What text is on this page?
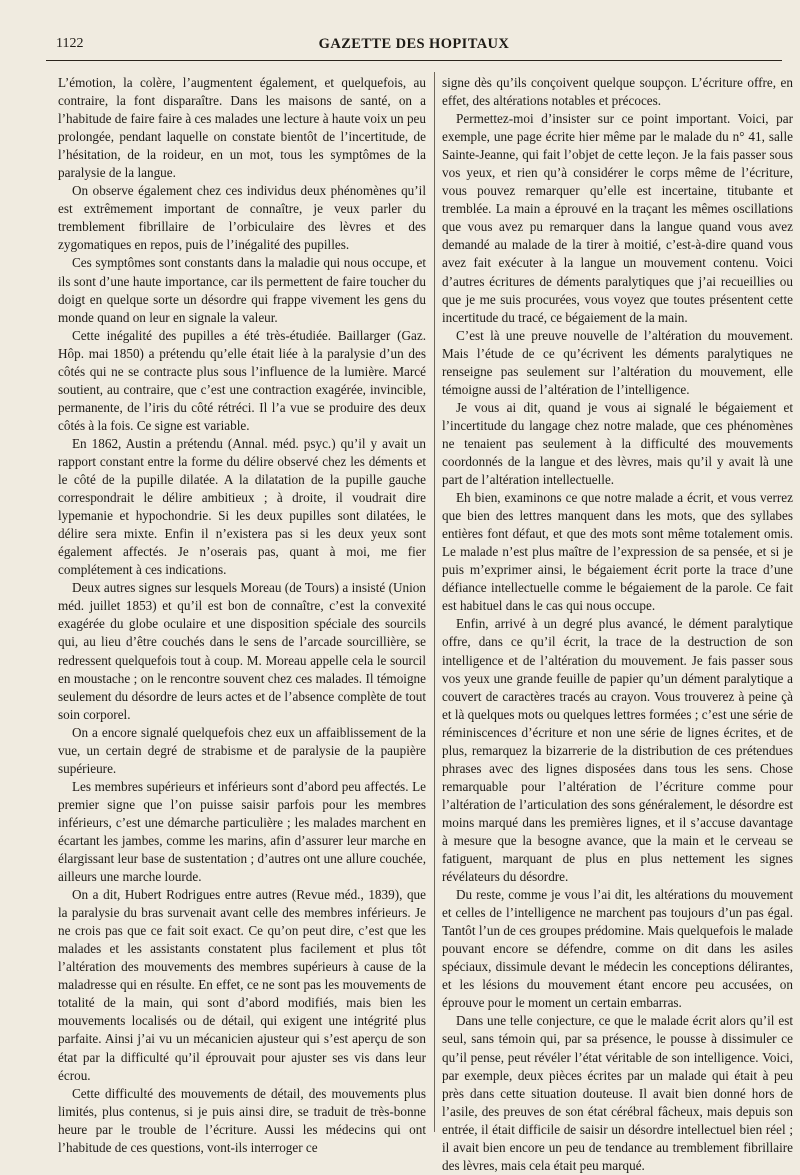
1122	GAZETTE DES HOPITAUX

L’émotion, la colère, l’augmentent également, et quelquefois, au contraire, la font disparaître. Dans les maisons de santé, on a l’habitude de faire faire à ces malades une lecture à haute voix un peu prolongée, pendant laquelle on constate bientôt de l’incertitude, de l’hésitation, de la roideur, en un mot, tous les symptômes de la paralysie de la langue.

On observe également chez ces individus deux phénomènes qu’il est extrêmement important de connaître, je veux parler du tremblement fibrillaire de l’orbiculaire des lèvres et des zygomatiques en repos, puis de l’inégalité des pupilles.

Ces symptômes sont constants dans la maladie qui nous occupe, et ils sont d’une haute importance, car ils permettent de faire toucher du doigt en quelque sorte un désordre qui frappe vivement les gens du monde quand on leur en signale la valeur.

Cette inégalité des pupilles a été très-étudiée. Baillarger (Gaz. Hôp. mai 1850) a prétendu qu’elle était liée à la paralysie d’un des côtés qui ne se contracte plus sous l’influence de la lumière. Marcé soutient, au contraire, que c’est une contraction exagérée, invincible, permanente, de l’iris du côté rétréci. Il l’a vue se produire des deux côtés à la fois. Ce signe est variable.

En 1862, Austin a prétendu (Annal. méd. psyc.) qu’il y avait un rapport constant entre la forme du délire observé chez les déments et le côté de la pupille dilatée. A la dilatation de la pupille gauche correspondrait le délire ambitieux ; à droite, il voudrait dire lypemanie et hypochondrie. Si les deux pupilles sont dilatées, le délire sera mixte. Enfin il n’existera pas si les deux yeux sont également affectés. Je n’oserais pas, quant à moi, me fier complétement à ces indications.

Deux autres signes sur lesquels Moreau (de Tours) a insisté (Union méd. juillet 1853) et qu’il est bon de connaître, c’est la convexité exagérée du globe oculaire et une disposition spéciale des sourcils qui, au lieu d’être couchés dans le sens de l’arcade sourcillière, se redressent quelquefois tout à coup. M. Moreau appelle cela le sourcil en moustache ; on le rencontre souvent chez ces malades. Il témoigne seulement du désordre de leurs actes et de l’absence complète de tout soin corporel.

On a encore signalé quelquefois chez eux un affaiblissement de la vue, un certain degré de strabisme et de paralysie de la paupière supérieure.

Les membres supérieurs et inférieurs sont d’abord peu affectés. Le premier signe que l’on puisse saisir parfois pour les membres inférieurs, c’est une démarche particulière ; les malades marchent en écartant les jambes, comme les marins, afin d’assurer leur marche en élargissant leur base de sustentation ; d’autres ont une allure couchée, ailleurs une marche lourde.

On a dit, Hubert Rodrigues entre autres (Revue méd., 1839), que la paralysie du bras survenait avant celle des membres inférieurs. Je ne crois pas que ce fait soit exact. Ce qu’on peut dire, c’est que les malades et les assistants constatent plus facilement et plus tôt l’altération des mouvements des membres supérieurs à cause de la maladresse qui en résulte. En effet, ce ne sont pas les mouvements de totalité de la main, qui sont d’abord modifiés, mais bien les mouvements localisés ou de détail, qui exigent une intégrité plus parfaite. Ainsi j’ai vu un mécanicien ajusteur qui s’est aperçu de son état par la difficulté qu’il éprouvait pour ajuster ses vis dans leur écrou.

Cette difficulté des mouvements de détail, des mouvements plus limités, plus contenus, si je puis ainsi dire, se traduit de très-bonne heure par le trouble de l’écriture. Aussi les médecins qui ont l’habitude de ces questions, vont-ils interroger ce

signe dès qu’ils conçoivent quelque soupçon. L’écriture offre, en effet, des altérations notables et précoces.

Permettez-moi d’insister sur ce point important. Voici, par exemple, une page écrite hier même par le malade du n° 41, salle Sainte-Jeanne, qui fait l’objet de cette leçon. Je la fais passer sous vos yeux, et rien qu’à considérer le corps même de l’écriture, vous pouvez remarquer qu’elle est incertaine, titubante et tremblée. La main a éprouvé en la traçant les mêmes oscillations que vous avez pu remarquer dans la langue quand vous avez demandé au malade de la tirer à moitié, c’est-à-dire quand vous avez fait exécuter à la langue un mouvement contenu. Voici d’autres écritures de déments paralytiques que j’ai recueillies ou que je me suis procurées, vous voyez que toutes présentent cette incertitude du tracé, ce bégaiement de la main.

C’est là une preuve nouvelle de l’altération du mouvement. Mais l’étude de ce qu’écrivent les déments paralytiques ne renseigne pas seulement sur l’altération du mouvement, elle témoigne aussi de l’altération de l’intelligence.

Je vous ai dit, quand je vous ai signalé le bégaiement et l’incertitude du langage chez notre malade, que ces phénomènes ne tenaient pas seulement à la difficulté des mouvements coordonnés de la langue et des lèvres, mais qu’il y avait là une part de l’altération intellectuelle.

Eh bien, examinons ce que notre malade a écrit, et vous verrez que bien des lettres manquent dans les mots, que des syllabes entières font défaut, et que des mots sont même totalement omis. Le malade n’est plus maître de l’expression de sa pensée, et si je puis m’exprimer ainsi, le bégaiement écrit porte la trace d’une défiance intellectuelle comme le bégaiement de la parole. Ce fait est habituel dans le cas qui nous occupe.

Enfin, arrivé à un degré plus avancé, le dément paralytique offre, dans ce qu’il écrit, la trace de la destruction de son intelligence et de l’altération du mouvement. Je fais passer sous vos yeux une grande feuille de papier qu’un dément paralytique a couvert de caractères tracés au crayon. Vous trouverez à peine çà et là quelques mots ou quelques lettres formées ; c’est une série de réminiscences d’écriture et non une série de lignes écrites, et de plus, remarquez la bizarrerie de la distribution de ces prétendues phrases avec des lignes disposées dans tous les sens. Chose remarquable pour l’altération de l’écriture comme pour l’altération de l’articulation des sons généralement, le désordre est moins marqué dans les premières lignes, et il s’accuse davantage à mesure que la besogne avance, que la main et le cerveau se fatiguent, marquant de plus en plus nettement les signes révélateurs du désordre.

Du reste, comme je vous l’ai dit, les altérations du mouvement et celles de l’intelligence ne marchent pas toujours d’un pas égal. Tantôt l’un de ces groupes prédomine. Mais quelquefois le malade pouvant encore se défendre, comme on dit dans les asiles spéciaux, dissimule devant le médecin les conceptions délirantes, et les lésions du mouvement étant encore peu accusées, on éprouve pour le moment un certain embarras.

Dans une telle conjecture, ce que le malade écrit alors qu’il est seul, sans témoin qui, par sa présence, le pousse à dissimuler ce qu’il pense, peut révéler l’état véritable de son intelligence. Voici, par exemple, deux pièces écrites par un malade qui était à peu près dans cette situation douteuse. Il avait bien donné hors de l’asile, des preuves de son état cérébral fâcheux, mais depuis son entrée, il était difficile de saisir un désordre intellectuel bien réel ; il avait bien encore un peu de tendance au tremblement fibrillaire des lèvres, mais cela était peu marqué.
